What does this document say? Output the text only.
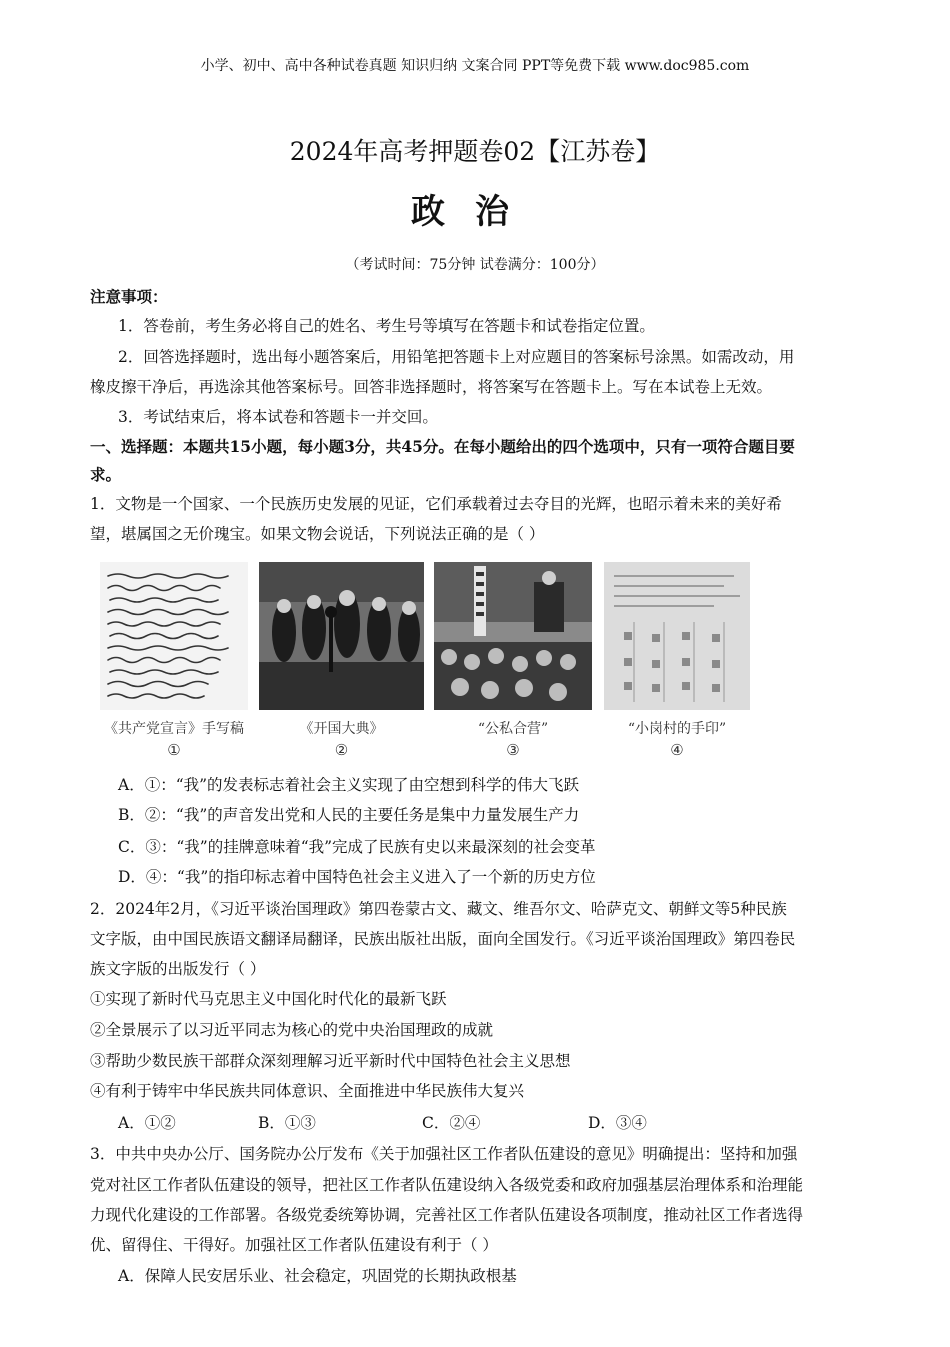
小学、初中、高中各种试卷真题 知识归纳 文案合同 PPT等免费下载 www.doc985.com
2024年高考押题卷02【江苏卷】
政治
（考试时间：75分钟 试卷满分：100分）
注意事项：
1．答卷前，考生务必将自己的姓名、考生号等填写在答题卡和试卷指定位置。
2．回答选择题时，选出每小题答案后，用铅笔把答题卡上对应题目的答案标号涂黑。如需改动，用
橡皮擦干净后，再选涂其他答案标号。回答非选择题时，将答案写在答题卡上。写在本试卷上无效。
3．考试结束后，将本试卷和答题卡一并交回。
一、选择题：本题共15小题，每小题3分，共45分。在每小题给出的四个选项中，只有一项符合题目要
求。
1．文物是一个国家、一个民族历史发展的见证，它们承载着过去夺目的光辉，也昭示着未来的美好希
望，堪属国之无价瑰宝。如果文物会说话，下列说法正确的是（ ）
《共产党宣言》手写稿	《开国大典》	“公私合营”	“小岗村的手印”
①	②	③	④
A．①：“我”的发表标志着社会主义实现了由空想到科学的伟大飞跃
B．②：“我”的声音发出党和人民的主要任务是集中力量发展生产力
C．③：“我”的挂牌意味着“我”完成了民族有史以来最深刻的社会变革
D．④：“我”的指印标志着中国特色社会主义进入了一个新的历史方位
2．2024年2月，《习近平谈治国理政》第四卷蒙古文、藏文、维吾尔文、哈萨克文、朝鲜文等5种民族
文字版，由中国民族语文翻译局翻译，民族出版社出版，面向全国发行。《习近平谈治国理政》第四卷民
族文字版的出版发行（ ）
①实现了新时代马克思主义中国化时代化的最新飞跃
②全景展示了以习近平同志为核心的党中央治国理政的成就
③帮助少数民族干部群众深刻理解习近平新时代中国特色社会主义思想
④有利于铸牢中华民族共同体意识、全面推进中华民族伟大复兴
A．①②	B．①③	C．②④	D．③④
3．中共中央办公厅、国务院办公厅发布《关于加强社区工作者队伍建设的意见》明确提出：坚持和加强
党对社区工作者队伍建设的领导，把社区工作者队伍建设纳入各级党委和政府加强基层治理体系和治理能
力现代化建设的工作部署。各级党委统筹协调，完善社区工作者队伍建设各项制度，推动社区工作者选得
优、留得住、干得好。加强社区工作者队伍建设有利于（ ）
A．保障人民安居乐业、社会稳定，巩固党的长期执政根基
